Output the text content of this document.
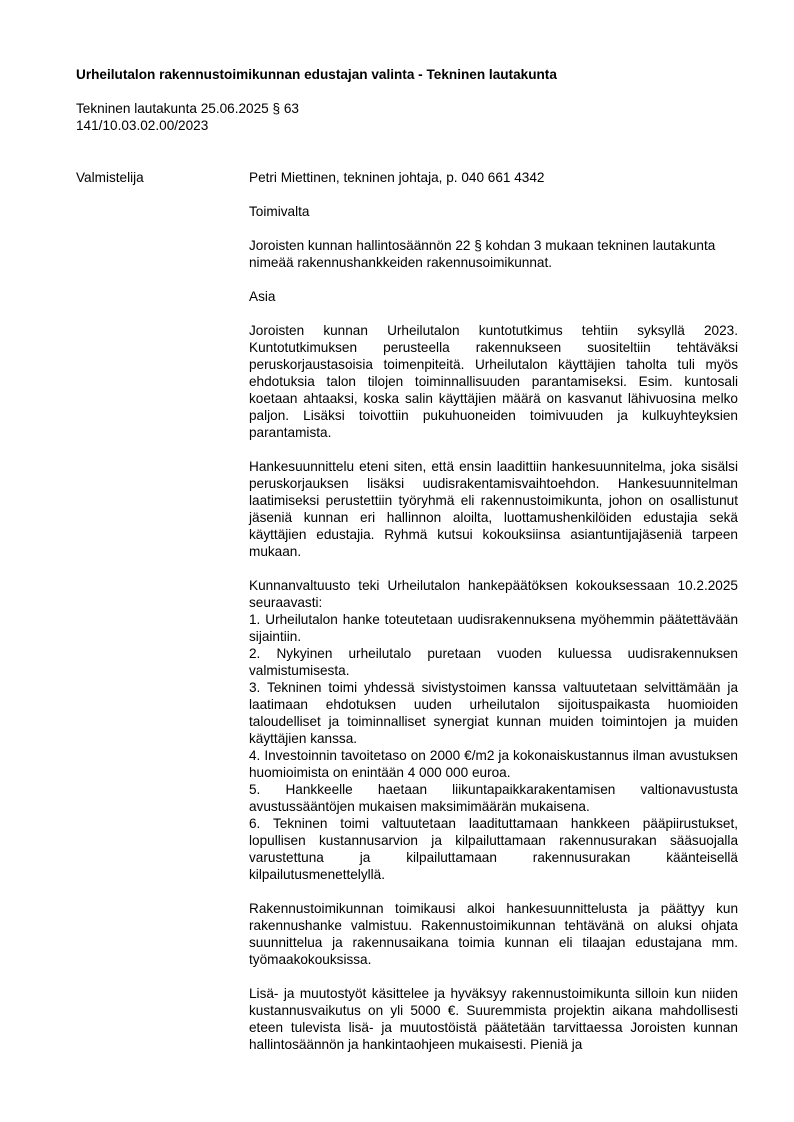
Urheilutalon rakennustoimikunnan edustajan valinta - Tekninen lautakunta
Tekninen lautakunta 25.06.2025 § 63
141/10.03.02.00/2023
Valmistelija	Petri Miettinen, tekninen johtaja, p. 040 661 4342

Toimivalta

Joroisten kunnan hallintosäännön 22 § kohdan 3 mukaan tekninen lautakunta nimeää rakennushankkeiden rakennusoimikunnat.

Asia

Joroisten kunnan Urheilutalon kuntotutkimus tehtiin syksyllä 2023. Kuntotutkimuksen perusteella rakennukseen suositeltiin tehtäväksi peruskorjaustasoisia toimenpiteitä. Urheilutalon käyttäjien taholta tuli myös ehdotuksia talon tilojen toiminnallisuuden parantamiseksi. Esim. kuntosali koetaan ahtaaksi, koska salin käyttäjien määrä on kasvanut lähivuosina melko paljon. Lisäksi toivottiin pukuhuoneiden toimivuuden ja kulkuyhteyksien parantamista.

Hankesuunnittelu eteni siten, että ensin laadittiin hankesuunnitelma, joka sisälsi peruskorjauksen lisäksi uudisrakentamisvaihtoehdon. Hankesuunnitelman laatimiseksi perustettiin työryhmä eli rakennustoimikunta, johon on osallistunut jäseniä kunnan eri hallinnon aloilta, luottamushenkilöiden edustajia sekä käyttäjien edustajia. Ryhmä kutsui kokouksiinsa asiantuntijajäseniä tarpeen mukaan.

Kunnanvaltuusto teki Urheilutalon hankepäätöksen kokouksessaan 10.2.2025 seuraavasti:
1. Urheilutalon hanke toteutetaan uudisrakennuksena myöhemmin päätettävään sijaintiin.
2. Nykyinen urheilutalo puretaan vuoden kuluessa uudisrakennuksen valmistumisesta.
3. Tekninen toimi yhdessä sivistystoimen kanssa valtuutetaan selvittämään ja laatimaan ehdotuksen uuden urheilutalon sijoituspaikasta huomioiden taloudelliset ja toiminnalliset synergiat kunnan muiden toimintojen ja muiden käyttäjien kanssa.
4. Investoinnin tavoitetaso on 2000 €/m2 ja kokonaiskustannus ilman avustuksen huomioimista on enintään 4 000 000 euroa.
5. Hankkeelle haetaan liikuntapaikkarakentamisen valtionavustusta avustussääntöjen mukaisen maksimimäärän mukaisena.
6. Tekninen toimi valtuutetaan laadituttamaan hankkeen pääpiirustukset, lopullisen kustannusarvion ja kilpailuttamaan rakennusurakan sääsuojalla varustettuna ja kilpailuttamaan rakennusurakan käänteisellä kilpailutusmenettelyllä.

Rakennustoimikunnan toimikausi alkoi hankesuunnittelusta ja päättyy kun rakennushanke valmistuu. Rakennustoimikunnan tehtävänä on aluksi ohjata suunnittelua ja rakennusaikana toimia kunnan eli tilaajan edustajana mm. työmaakokouksissa.

Lisä- ja muutostyöt käsittelee ja hyväksyy rakennustoimikunta silloin kun niiden kustannusvaikutus on yli 5000 €. Suuremmista projektin aikana mahdollisesti eteen tulevista lisä- ja muutostöistä päätetään tarvittaessa Joroisten kunnan hallintosäännön ja hankintaohjeen mukaisesti. Pieniä ja
